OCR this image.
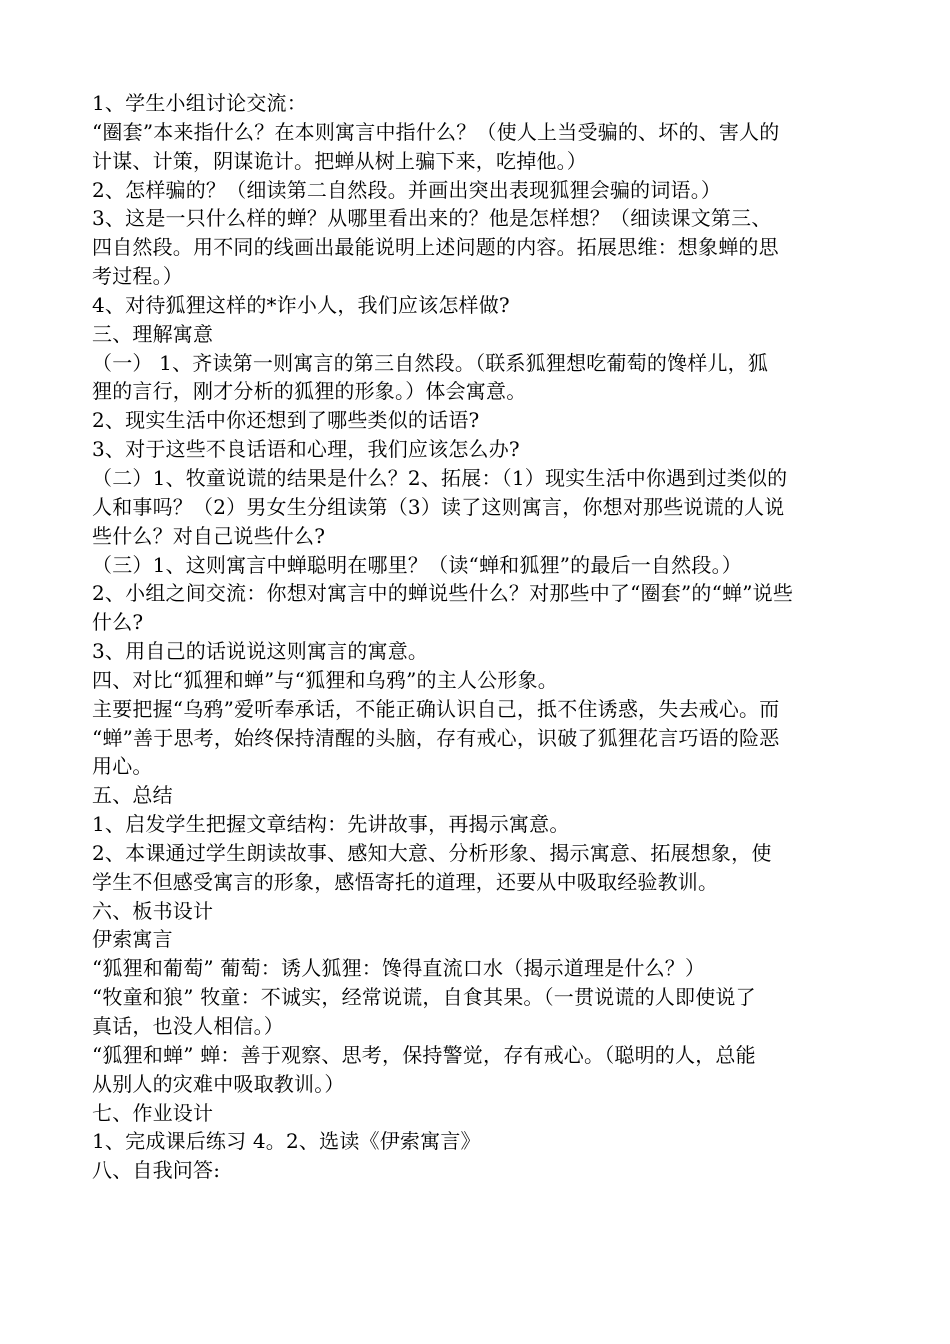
1、学生小组讨论交流：
“圈套”本来指什么？在本则寓言中指什么？（使人上当受骗的、坏的、害人的
计谋、计策，阴谋诡计。把蝉从树上骗下来，吃掉他。）
2、怎样骗的？（细读第二自然段。并画出突出表现狐狸会骗的词语。）
3、这是一只什么样的蝉？从哪里看出来的？他是怎样想？（细读课文第三、
四自然段。用不同的线画出最能说明上述问题的内容。拓展思维：想象蝉的思
考过程。）
4、对待狐狸这样的*诈小人，我们应该怎样做?
三、理解寓意
（一） 1、齐读第一则寓言的第三自然段。（联系狐狸想吃葡萄的馋样儿，狐
狸的言行，刚才分析的狐狸的形象。）体会寓意。
2、现实生活中你还想到了哪些类似的话语?
3、对于这些不良话语和心理，我们应该怎么办?
（二）1、牧童说谎的结果是什么？2、拓展：（1）现实生活中你遇到过类似的
人和事吗？（2）男女生分组读第（3）读了这则寓言，你想对那些说谎的人说
些什么？对自己说些什么?
（三）1、这则寓言中蝉聪明在哪里？（读“蝉和狐狸”的最后一自然段。）
2、小组之间交流：你想对寓言中的蝉说些什么？对那些中了“圈套”的“蝉”说些
什么?
3、用自己的话说说这则寓言的寓意。
四、对比“狐狸和蝉”与“狐狸和乌鸦”的主人公形象。
主要把握“乌鸦”爱听奉承话，不能正确认识自己，抵不住诱惑，失去戒心。而
“蝉”善于思考，始终保持清醒的头脑，存有戒心，识破了狐狸花言巧语的险恶
用心。
五、总结
1、启发学生把握文章结构：先讲故事，再揭示寓意。
2、本课通过学生朗读故事、感知大意、分析形象、揭示寓意、拓展想象，使
学生不但感受寓言的形象，感悟寄托的道理，还要从中吸取经验教训。
六、板书设计
伊索寓言
“狐狸和葡萄” 葡萄：诱人狐狸：馋得直流口水（揭示道理是什么？）
“牧童和狼” 牧童：不诚实，经常说谎，自食其果。（一贯说谎的人即使说了
真话，也没人相信。）
“狐狸和蝉” 蝉：善于观察、思考，保持警觉，存有戒心。（聪明的人，总能
从别人的灾难中吸取教训。）
七、作业设计
1、完成课后练习 4。2、选读《伊索寓言》
八、自我问答:
